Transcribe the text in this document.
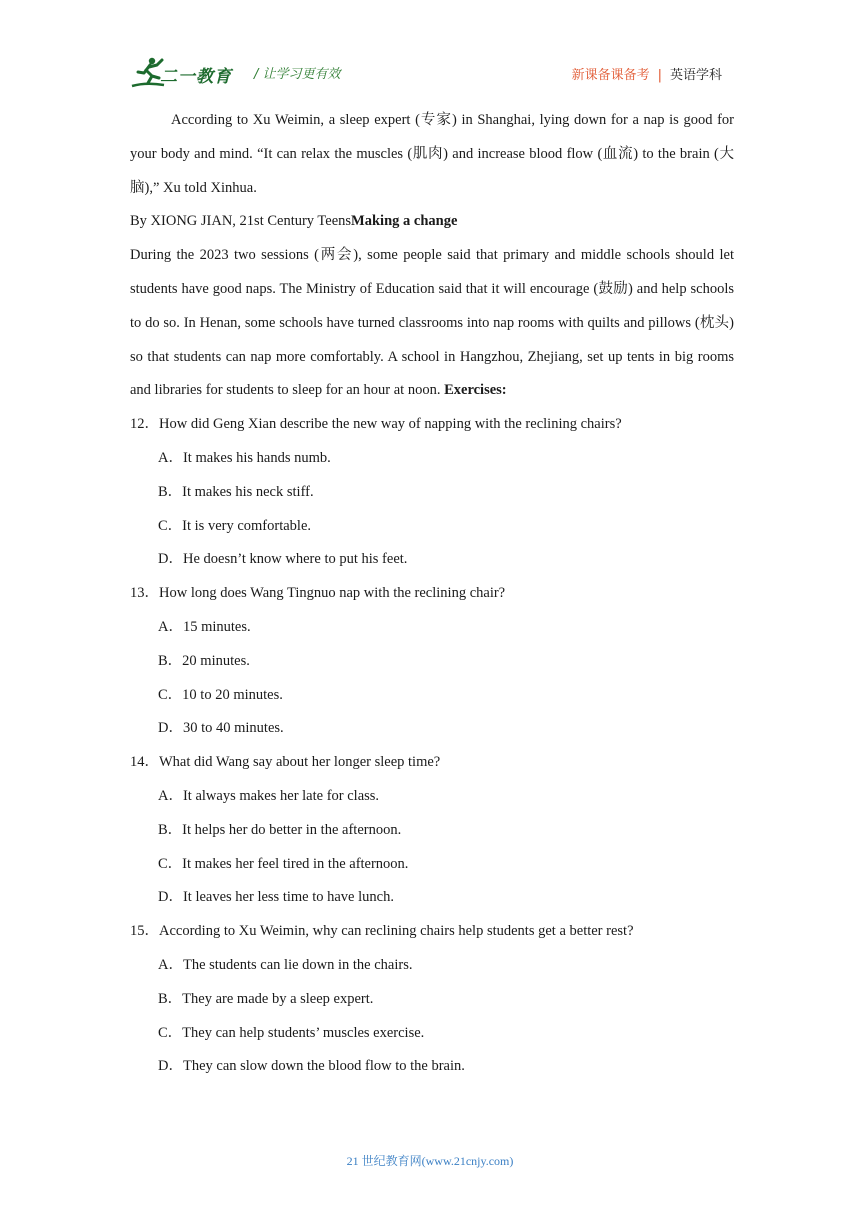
二一教育 / 让学习更有效	新课备课备考 | 英语学科

According to Xu Weimin, a sleep expert (专家) in Shanghai, lying down for a nap is good for your body and mind. “It can relax the muscles (肌肉) and increase blood flow (血流) to the brain (大脑),” Xu told Xinhua.

By XIONG JIAN, 21st Century TeensMaking a change

During the 2023 two sessions (两会), some people said that primary and middle schools should let students have good naps. The Ministry of Education said that it will encourage (鼓励) and help schools to do so. In Henan, some schools have turned classrooms into nap rooms with quilts and pillows (枕头) so that students can nap more comfortably. A school in Hangzhou, Zhejiang, set up tents in big rooms and libraries for students to sleep for an hour at noon. Exercises:

12．How did Geng Xian describe the new way of napping with the reclining chairs?

A．It makes his hands numb.

B．It makes his neck stiff.

C．It is very comfortable.

D．He doesn’t know where to put his feet.

13．How long does Wang Tingnuo nap with the reclining chair?

A．15 minutes.

B．20 minutes.

C．10 to 20 minutes.

D．30 to 40 minutes.

14．What did Wang say about her longer sleep time?

A．It always makes her late for class.

B．It helps her do better in the afternoon.

C．It makes her feel tired in the afternoon.

D．It leaves her less time to have lunch.

15．According to Xu Weimin, why can reclining chairs help students get a better rest?

A．The students can lie down in the chairs.

B．They are made by a sleep expert.

C．They can help students’ muscles exercise.

D．They can slow down the blood flow to the brain.

21 世纪教育网(www.21cnjy.com)
